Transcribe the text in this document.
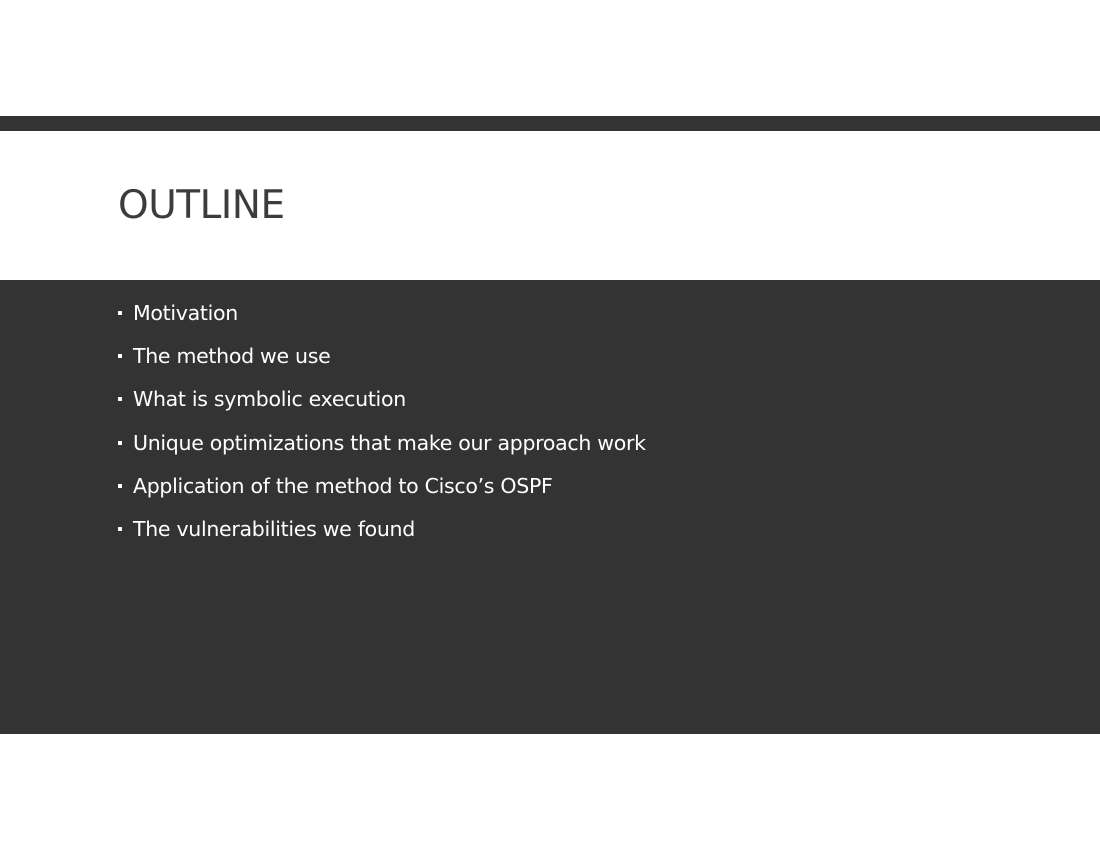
OUTLINE
Motivation
The method we use
What is symbolic execution
Unique optimizations that make our approach work
Application of the method to Cisco’s OSPF
The vulnerabilities we found
